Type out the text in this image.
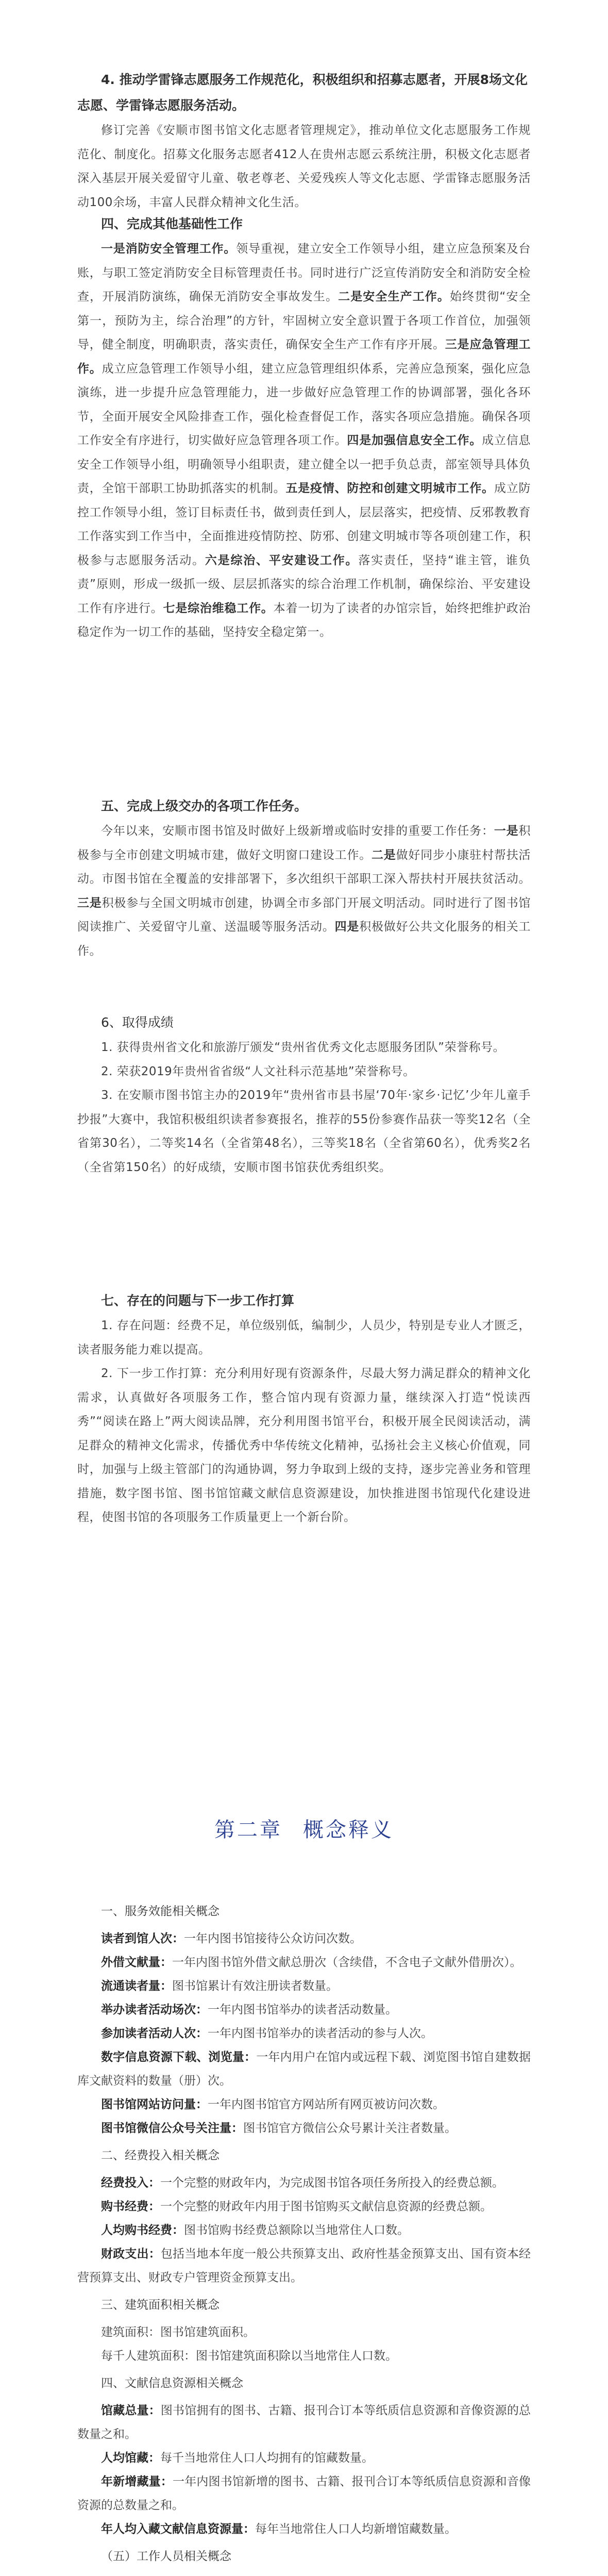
4. 推动学雷锋志愿服务工作规范化，积极组织和招募志愿者，开展8场文化志愿、学雷锋志愿服务活动。

修订完善《安顺市图书馆文化志愿者管理规定》，推动单位文化志愿服务工作规范化、制度化。招募文化服务志愿者412人在贵州志愿云系统注册，积极文化志愿者深入基层开展关爱留守儿童、敬老尊老、关爱残疾人等文化志愿、学雷锋志愿服务活动100余场，丰富人民群众精神文化生活。

四、完成其他基础性工作

一是消防安全管理工作。领导重视，建立安全工作领导小组，建立应急预案及台账，与职工签定消防安全目标管理责任书。同时进行广泛宣传消防安全和消防安全检查，开展消防演练，确保无消防安全事故发生。二是安全生产工作。始终贯彻“安全第一，预防为主，综合治理”的方针，牢固树立安全意识置于各项工作首位，加强领导，健全制度，明确职责，落实责任，确保安全生产工作有序开展。三是应急管理工作。成立应急管理工作领导小组，建立应急管理组织体系，完善应急预案，强化应急演练，进一步提升应急管理能力，进一步做好应急管理工作的协调部署，强化各环节，全面开展安全风险排查工作，强化检查督促工作，落实各项应急措施。确保各项工作安全有序进行，切实做好应急管理各项工作。四是加强信息安全工作。成立信息安全工作领导小组，明确领导小组职责，建立健全以一把手负总责，部室领导具体负责，全馆干部职工协助抓落实的机制。五是疫情、防控和创建文明城市工作。成立防控工作领导小组，签订目标责任书，做到责任到人，层层落实，把疫情、反邪教教育工作落实到工作当中，全面推进疫情防控、防邪、创建文明城市等各项创建工作，积极参与志愿服务活动。六是综治、平安建设工作。落实责任，坚持“谁主管，谁负责”原则，形成一级抓一级、层层抓落实的综合治理工作机制，确保综治、平安建设工作有序进行。七是综治维稳工作。本着一切为了读者的办馆宗旨，始终把维护政治稳定作为一切工作的基础，坚持安全稳定第一。

五、完成上级交办的各项工作任务。

今年以来，安顺市图书馆及时做好上级新增或临时安排的重要工作任务：一是积极参与全市创建文明城市建，做好文明窗口建设工作。二是做好同步小康驻村帮扶活动。市图书馆在全覆盖的安排部署下，多次组织干部职工深入帮扶村开展扶贫活动。三是积极参与全国文明城市创建，协调全市多部门开展文明活动。同时进行了图书馆阅读推广、关爱留守儿童、送温暖等服务活动。四是积极做好公共文化服务的相关工作。

6、取得成绩

1. 获得贵州省文化和旅游厅颁发“贵州省优秀文化志愿服务团队”荣誉称号。

2. 荣获2019年贵州省省级“人文社科示范基地”荣誉称号。

3. 在安顺市图书馆主办的2019年“贵州省市县书屋‘70年·家乡·记忆’少年儿童手抄报”大赛中，我馆积极组织读者参赛报名，推荐的55份参赛作品获一等奖12名（全省第30名），二等奖14名（全省第48名），三等奖18名（全省第60名），优秀奖2名（全省第150名）的好成绩，安顺市图书馆获优秀组织奖。

七、存在的问题与下一步工作打算

1. 存在问题：经费不足，单位级别低，编制少，人员少，特别是专业人才匮乏，读者服务能力难以提高。

2. 下一步工作打算：充分利用好现有资源条件，尽最大努力满足群众的精神文化需求，认真做好各项服务工作，整合馆内现有资源力量，继续深入打造“悦读西秀”“阅读在路上”两大阅读品牌，充分利用图书馆平台，积极开展全民阅读活动，满足群众的精神文化需求，传播优秀中华传统文化精神，弘扬社会主义核心价值观，同时，加强与上级主管部门的沟通协调，努力争取到上级的支持，逐步完善业务和管理措施，数字图书馆、图书馆馆藏文献信息资源建设，加快推进图书馆现代化建设进程，使图书馆的各项服务工作质量更上一个新台阶。

第二章 概念释义

一、服务效能相关概念

读者到馆人次：一年内图书馆接待公众访问次数。

外借文献量：一年内图书馆外借文献总册次（含续借，不含电子文献外借册次）。

流通读者量：图书馆累计有效注册读者数量。

举办读者活动场次：一年内图书馆举办的读者活动数量。

参加读者活动人次：一年内图书馆举办的读者活动的参与人次。

数字信息资源下载、浏览量：一年内用户在馆内或远程下载、浏览图书馆自建数据库文献资料的数量（册）次。

图书馆网站访问量：一年内图书馆官方网站所有网页被访问次数。

图书馆微信公众号关注量：图书馆官方微信公众号累计关注者数量。

二、经费投入相关概念

经费投入：一个完整的财政年内，为完成图书馆各项任务所投入的经费总额。

购书经费：一个完整的财政年内用于图书馆购买文献信息资源的经费总额。

人均购书经费：图书馆购书经费总额除以当地常住人口数。

财政支出：包括当地本年度一般公共预算支出、政府性基金预算支出、国有资本经营预算支出、财政专户管理资金预算支出。

三、建筑面积相关概念

建筑面积：图书馆建筑面积。

每千人建筑面积：图书馆建筑面积除以当地常住人口数。

四、文献信息资源相关概念

馆藏总量：图书馆拥有的图书、古籍、报刊合订本等纸质信息资源和音像资源的总数量之和。

人均馆藏：每千当地常住人口人均拥有的馆藏数量。

年新增藏量：一年内图书馆新增的图书、古籍、报刊合订本等纸质信息资源和音像资源的总数量之和。

年人均入藏文献信息资源量：每年当地常住人口人均新增馆藏数量。

（五）工作人员相关概念
